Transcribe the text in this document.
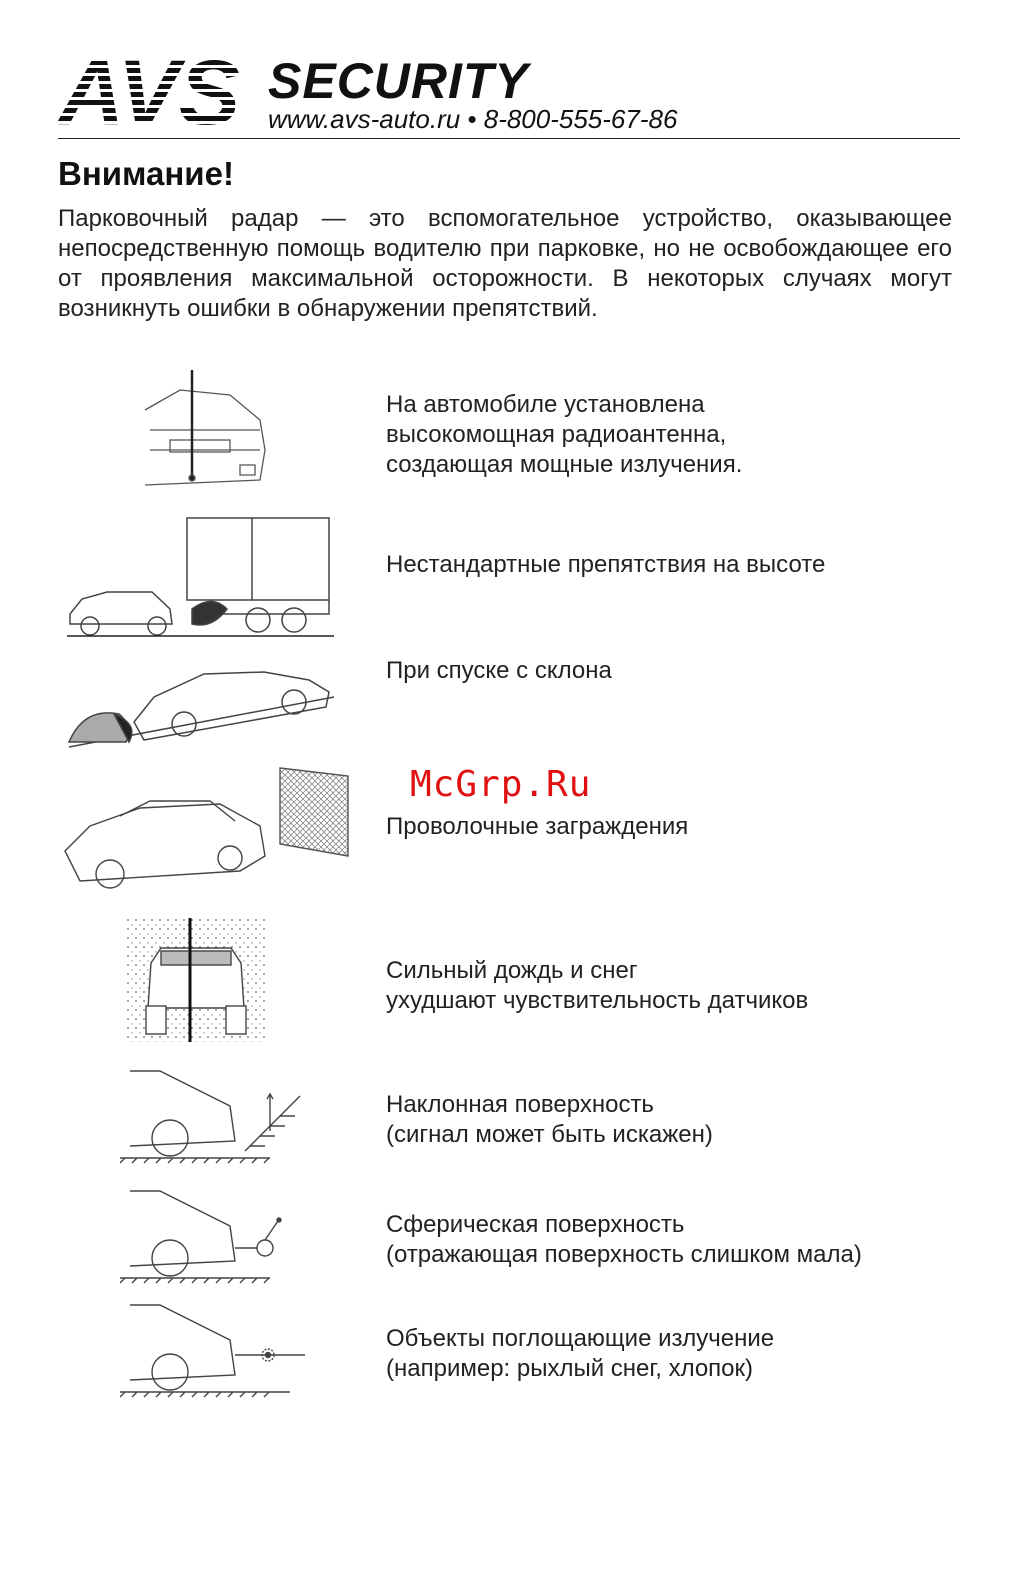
AVS SECURITY
www.avs-auto.ru • 8-800-555-67-86
Внимание!

Парковочный радар — это вспомогательное устройство, оказывающее непосредственную помощь водителю при парковке, но не освобождающее его от проявления максимальной осторожности. В некоторых случаях могут возникнуть ошибки в обнаружении препятствий.

McGrp.Ru
На автомобиле установлена
высокомощная радиоантенна,
создающая мощные излучения.
Нестандартные препятствия на высоте
При спуске с склона
Проволочные заграждения
Сильный дождь и снег
ухудшают чувствительность датчиков
Наклонная поверхность
(сигнал может быть искажен)
Сферическая поверхность
(отражающая поверхность слишком мала)
Объекты поглощающие излучение
(например: рыхлый снег, хлопок)
